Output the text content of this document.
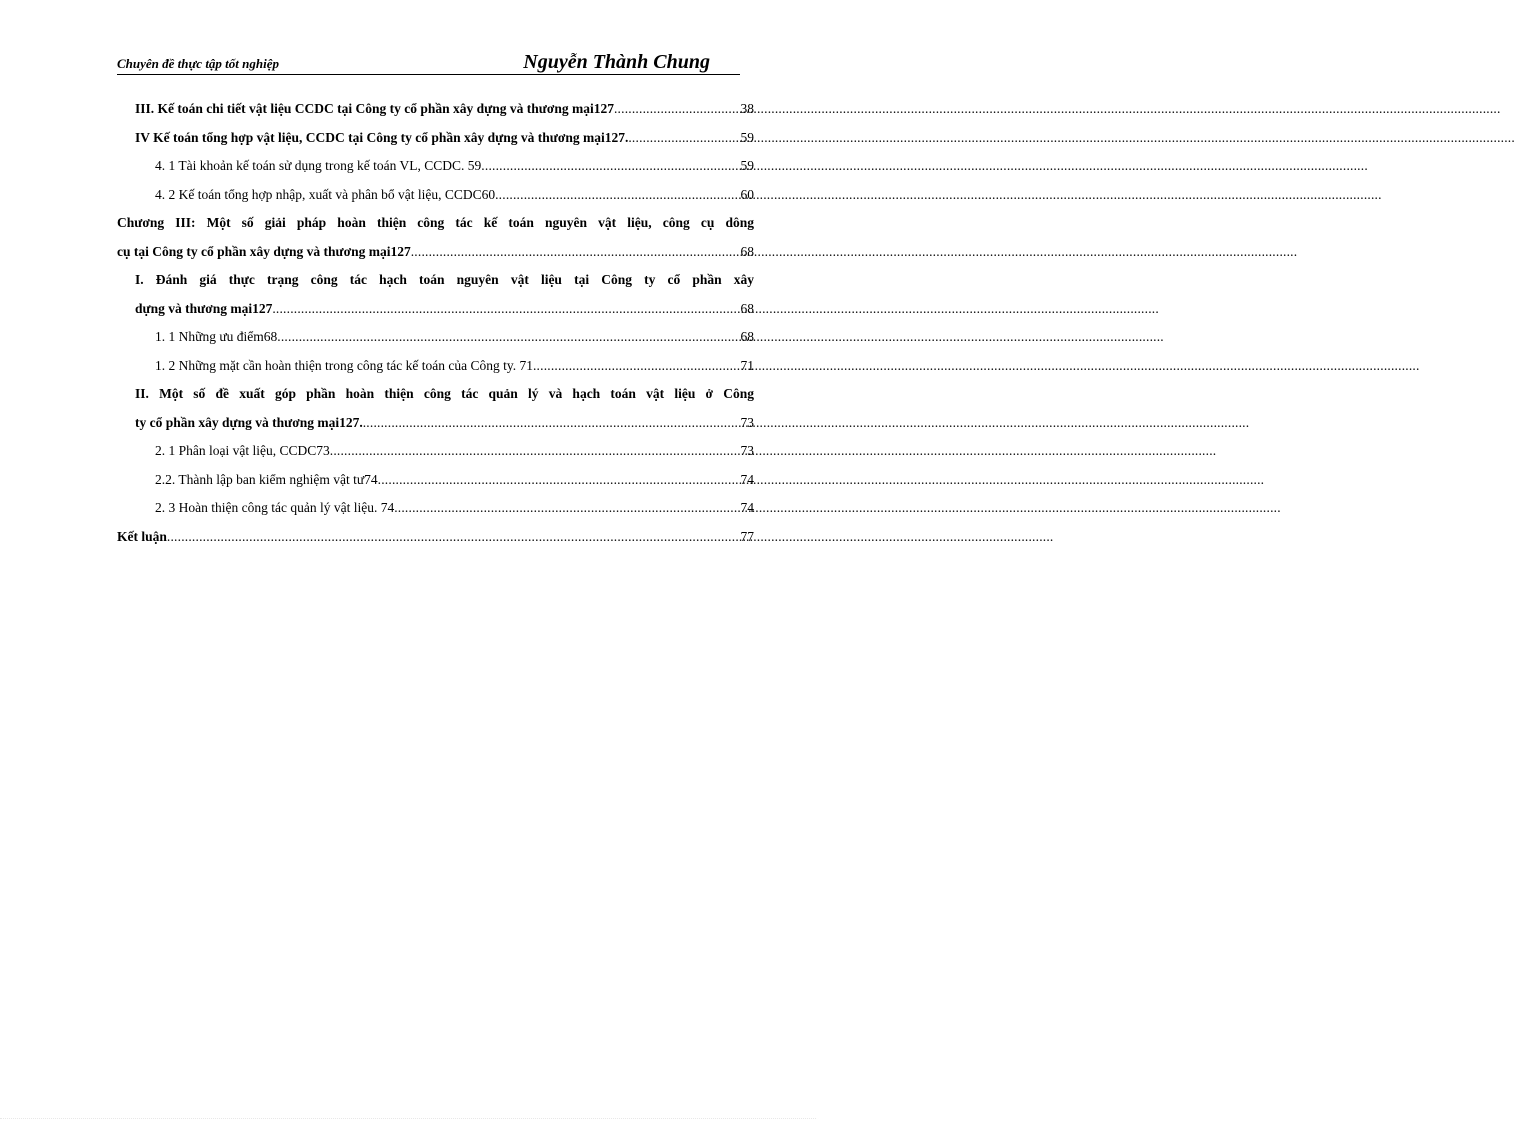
Chuyên đề thực tập tốt nghiệp	Nguyễn Thành Chung
III. Kế toán chi tiết vật liệu CCDC tại Công ty cổ phần xây dựng và thương mại127 .....	38
IV Kế toán tổng hợp vật liệu, CCDC tại Công ty cổ phần xây dựng và thương mại127. .....	59
4. 1 Tài khoản kế toán sử dụng trong kế toán VL, CCDC. 59 .....	59
4. 2 Kế toán tổng hợp nhập, xuất và phân bổ vật liệu, CCDC60 .....	60
Chương III: Một số giải pháp hoàn thiện công tác kế toán nguyên vật liệu, công cụ dông
cụ tại Công ty cổ phần xây dựng và thương mại127 .....	68
I. Đánh giá thực trạng công tác hạch toán nguyên vật liệu tại Công ty cổ phần xây
dựng và thương mại127 .....	68
1. 1 Những ưu điểm68 .....	68
1. 2 Những mặt cần hoàn thiện trong công tác kế toán của Công ty. 71 .....	71
II. Một số đề xuất góp phần hoàn thiện công tác quản lý và hạch toán vật liệu ở Công
ty cổ phần xây dựng và thương mại127. .....	73
2. 1 Phân loại vật liệu, CCDC73 .....	73
2.2. Thành lập ban kiểm nghiệm vật tư74 .....	74
2. 3 Hoàn thiện công tác quản lý vật liệu. 74 .....	74
Kết luận .....	77
